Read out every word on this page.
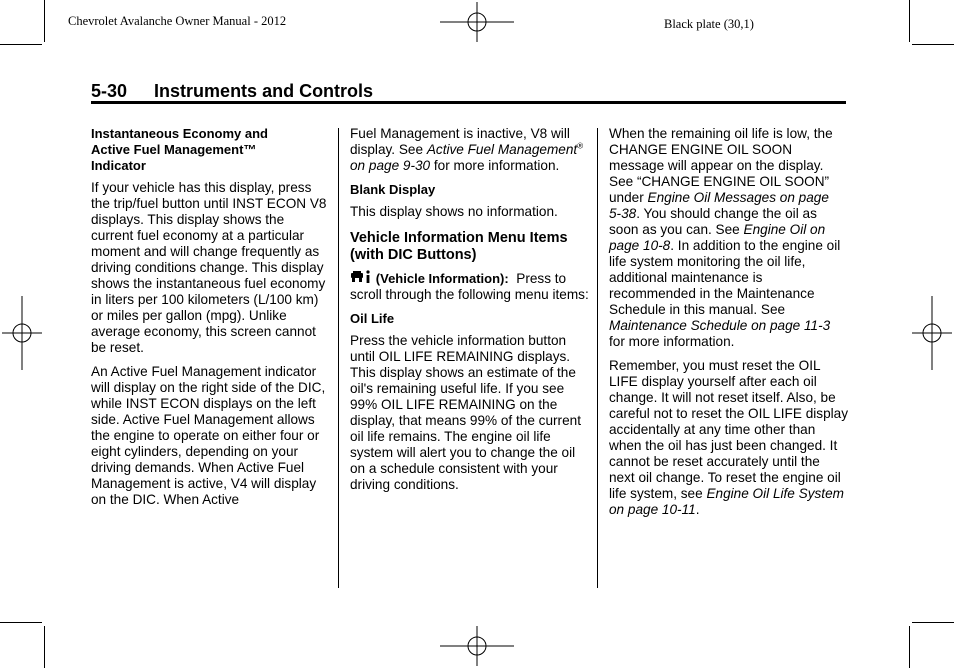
Chevrolet Avalanche Owner Manual - 2012	Black plate (30,1)
5-30 Instruments and Controls
Instantaneous Economy and Active Fuel Management™ Indicator

If your vehicle has this display, press the trip/fuel button until INST ECON V8 displays. This display shows the current fuel economy at a particular moment and will change frequently as driving conditions change. This display shows the instantaneous fuel economy in liters per 100 kilometers (L/100 km) or miles per gallon (mpg). Unlike average economy, this screen cannot be reset.

An Active Fuel Management indicator will display on the right side of the DIC, while INST ECON displays on the left side. Active Fuel Management allows the engine to operate on either four or eight cylinders, depending on your driving demands. When Active Fuel Management is active, V4 will display on the DIC. When Active

Fuel Management is inactive, V8 will display. See Active Fuel Management® on page 9‑30 for more information.

Blank Display

This display shows no information.

Vehicle Information Menu Items (with DIC Buttons)

(Vehicle Information): Press to scroll through the following menu items:

Oil Life

Press the vehicle information button until OIL LIFE REMAINING displays. This display shows an estimate of the oil's remaining useful life. If you see 99% OIL LIFE REMAINING on the display, that means 99% of the current oil life remains. The engine oil life system will alert you to change the oil on a schedule consistent with your driving conditions.

When the remaining oil life is low, the CHANGE ENGINE OIL SOON message will appear on the display. See “CHANGE ENGINE OIL SOON” under Engine Oil Messages on page 5‑38. You should change the oil as soon as you can. See Engine Oil on page 10‑8. In addition to the engine oil life system monitoring the oil life, additional maintenance is recommended in the Maintenance Schedule in this manual. See Maintenance Schedule on page 11‑3 for more information.

Remember, you must reset the OIL LIFE display yourself after each oil change. It will not reset itself. Also, be careful not to reset the OIL LIFE display accidentally at any time other than when the oil has just been changed. It cannot be reset accurately until the next oil change. To reset the engine oil life system, see Engine Oil Life System on page 10‑11.
